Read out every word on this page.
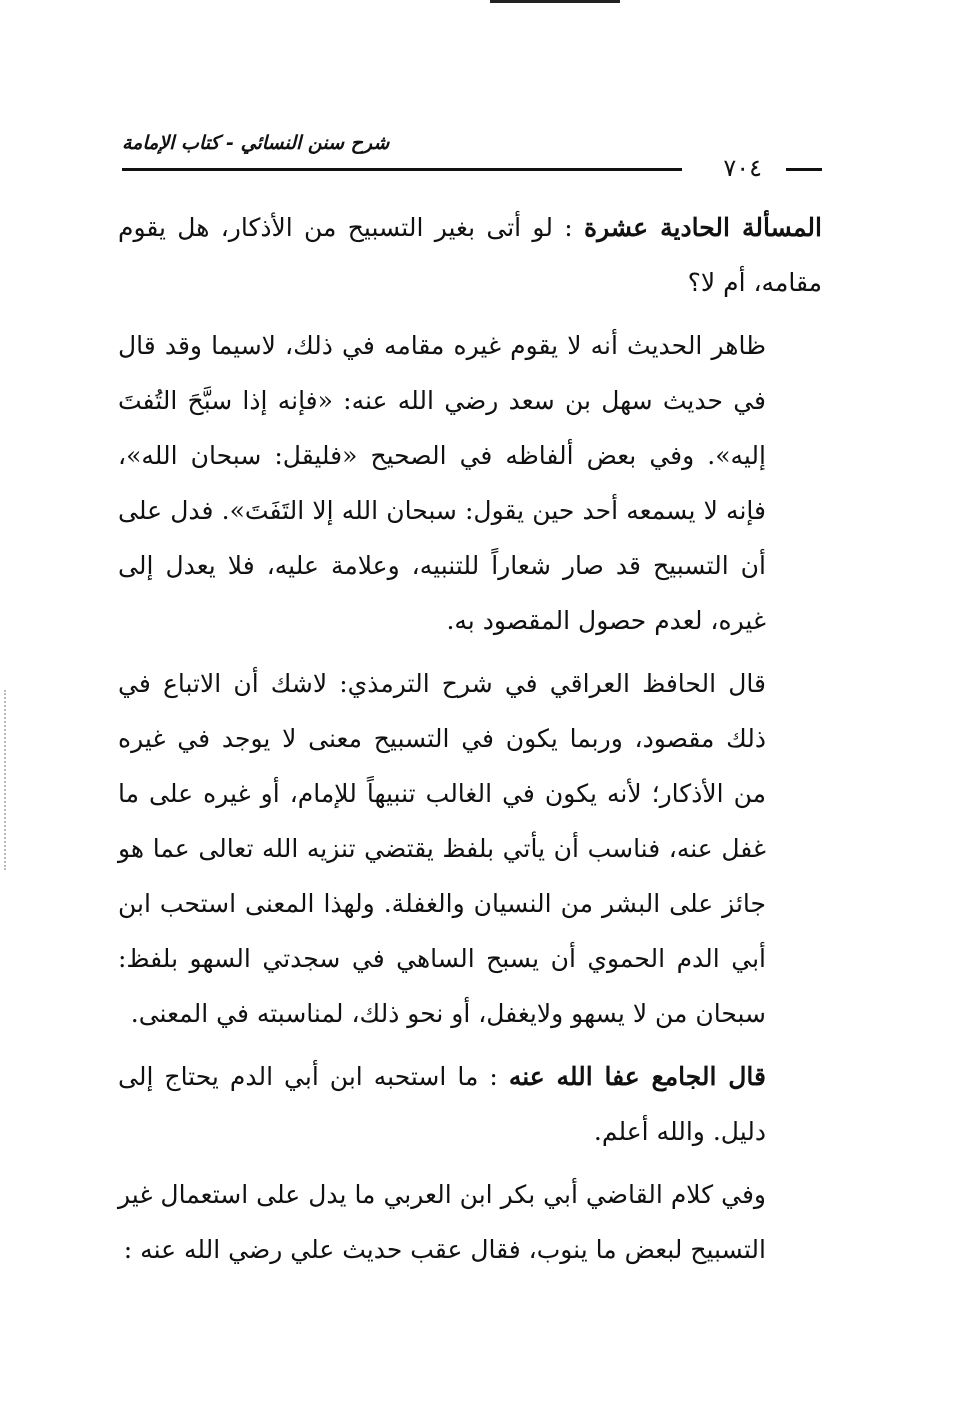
٧٠٤
شرح سنن النسائي - كتاب الإمامة

المسألة الحادية عشرة : لو أتى بغير التسبيح من الأذكار، هل يقوم مقامه، أم لا؟

ظاهر الحديث أنه لا يقوم غيره مقامه في ذلك، لاسيما وقد قال في حديث سهل بن سعد رضي الله عنه: «فإنه إذا سبَّحَ التُفتَ إليه». وفي بعض ألفاظه في الصحيح «فليقل: سبحان الله»، فإنه لا يسمعه أحد حين يقول: سبحان الله إلا التَفَتَ». فدل على أن التسبيح قد صار شعاراً للتنبيه، وعلامة عليه، فلا يعدل إلى غيره، لعدم حصول المقصود به.

قال الحافظ العراقي في شرح الترمذي: لاشك أن الاتباع في ذلك مقصود، وربما يكون في التسبيح معنى لا يوجد في غيره من الأذكار؛ لأنه يكون في الغالب تنبيهاً للإمام، أو غيره على ما غفل عنه، فناسب أن يأتي بلفظ يقتضي تنزيه الله تعالى عما هو جائز على البشر من النسيان والغفلة. ولهذا المعنى استحب ابن أبي الدم الحموي أن يسبح الساهي في سجدتي السهو بلفظ: سبحان من لا يسهو ولايغفل، أو نحو ذلك، لمناسبته في المعنى.

قال الجامع عفا الله عنه : ما استحبه ابن أبي الدم يحتاج إلى دليل. والله أعلم.

وفي كلام القاضي أبي بكر ابن العربي ما يدل على استعمال غير التسبيح لبعض ما ينوب، فقال عقب حديث علي رضي الله عنه :
